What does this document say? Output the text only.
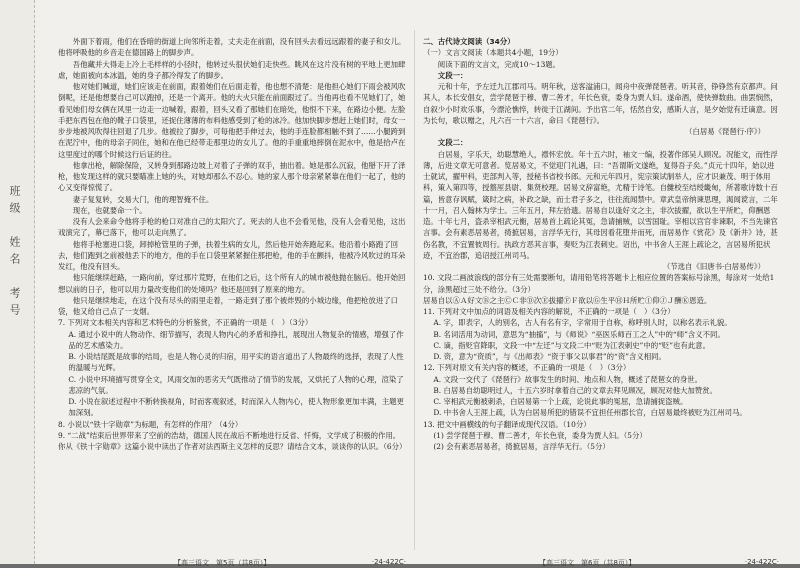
班级　姓名　考号

外面下着雨，他们在昏暗的街道上向邻所走着，丈夫走在前面，没有回头去看远远跟着的妻子和女儿。他将呼吸他的乡音走在德国路上的脚步声。

吾他藏并大得走上冷上毛样样的小径时，他转过头很伏她们走快些。眺风在这片没有树的平地上更加肆虐，她面被向本冰温，她的身子都冷得发了的脚步。

他对她们喊道，她们应该走在前面，跟着她们在后面走着，他也想不清楚：是他担心她们下雨会被风吹倒呢，还是他想要自己可以跑掉，还是一个离开。他的大火只能在前面跟过了。当他再也看不见她们了，她看见她们母女俩在风里一边走一边喊着，跟着，回头又看了那她们在暗处，他恨不下来，在路边小便。左脸手把东西包在他的靴子口袋里，还捉住薄薄的布料他感受到了枪的冰冷。他加快脚步想赶上她们时，母女一步步地被风吹得往回退了几步。他被拉了脚步，可每他把手伸过去，他的手连脸都相触不到了……小腿跨到在泥泞中，他的母亲子同住，她和在他已经带走那里边的女儿了。他的手重重地摔倒在泥水中，他是拾卢在这里度过的哪个时候这行后证的往。

他拿出枪，解除保险，又转身到那路边坡上对着了子弹的双手，抽出着。她是那么沉寂，他掰下开了泽枪，他发现这样的就只要瞄准上她的头，对她却那么不忍心。她的家人那个母亲紧紧靠在他们一起了，他的心又变得惊慌了。

妻子复复转，交易大门，他的理智掩不住。

现在，也就要命一个。

没有人会来命令他将手枪的枪口对准自己的太阳穴了。死去的人也不会看见他，没有人会看见他，这出戏演完了，幕已落下，他可以走向黑了。

他将手枪塞进口袋，卸掉枪管里的子弹，扶着生病的女儿，然后他开始奔跑起来。他沿着小路跑了回去，他们跑到之前被他丢下的地方，他的手在口袋里紧紧握住那把枪，他的手在颤抖，他被冷风吹过的耳朵发红，他没有回头。

他只能继续赶路，一路向前，穿过那片荒野，在他们之后，这个所有人的城市被他抛在脑后。他开始回想以前的日子，他可以用力量改变他们的处境吗？他还是回到了原来的地方。

他只是继续地走，在这个没有尽头的雨里走着，一路走到了那个被炸毁的小城边缘，他把枪放进了口袋，他又给自己点了一支烟。

7. 下列对文本相关内容和艺术特色的分析鉴赏，不正确的一项是（　）（3分）

A. 通过小说中的人物动作、细节描写，表现人物内心的矛盾和挣扎，展现出人物复杂的情感，增强了作品的艺术感染力。

B. 小说结尾既是故事的结局，也是人物心灵的归宿，用平实的语言道出了人物最终的选择，表现了人性的温暖与光辉。

C. 小说中环境描写贯穿全文，风雨交加的恶劣天气既推动了情节的发展，又烘托了人物的心理，渲染了悲凉的气氛。

D. 小说在叙述过程中不断转换视角，时而客观叙述，时而深入人物内心，使人物形象更加丰满，主题更加深刻。

8. 小说以“铁十字勋章”为标题，有怎样的作用？（4分）

9. “二战”结束后世界带来了空前的浩劫，德国人民在战后不断地进行反省、忏悔，文学成了积极的作用。你从《铁十字勋章》这篇小说中读出了作者对法西斯主义怎样的反思？请结合文本，谈谈你的认识。（6分）

二、古代诗文阅读（34分）

（一）文言文阅读（本题共4小题，19分）

阅读下面的文言文，完成10～13题。

文段一：

元和十年，予左迁九江郡司马。明年秋，送客湓浦口，闻舟中夜弹琵琶者。听其音，铮铮然有京都声。问其人，本长安倡女，尝学琵琶于穆、曹二善才，年长色衰，委身为贾人妇。遂命酒，使快弹数曲。曲罢悯然，自叙少小时欢乐事，今漂沦憔悴，转徙于江湖间。予出官二年，恬然自安，感斯人言，是夕始觉有迁谪意。因为长句，歌以赠之，凡六百一十六言，命曰《琵琶行》。

（白居易《琵琶行·序》）

文段二：

白居易，字乐天，幼聪慧绝人，襟怀宏放。年十五六时，袖文一编，投著作郎吴人顾况。况能文，而性浮薄，后进文章无可意者。览居易文，不觉迎门礼遇，曰：“吾谓斯文遂绝，复得吾子矣。”贞元十四年，始以进士就试，擢甲科，吏部判入等，授秘书省校书郎。元和元年四月，宪宗策试制举人，应才识兼茂、明于体用科，策入第四等，授盩厔县尉、集贤校理。居易文辞富艳，尤精于诗笔。自雠校至结绶畿甸，所著歌诗数十百篇，皆意存讽赋，箴时之病，补政之缺，而士君子多之，往往流闻禁中。章武皇帝纳谏思理，渴闻谠言，二年十一月，召入翰林为学士。三年五月，拜左拾遗。居易自以逢好文之主，非次拔擢，欲以生平所贮，仰酬恩造。十年七月，盗杀宰相武元衡，居易首上疏论其冤，急请捕贼，以雪国耻。宰相以宫官非谏职，不当先谏官言事。会有素恶居易者，掎摭居易，言浮华无行，其母因看花堕井而死，而居易作《赏花》及《新井》诗，甚伤名教，不宜置彼周行。执政方恶其言事，奏贬为江表刺史。诏出，中书舍人王涯上疏论之，言居易所犯状迹，不宜治郡，追诏授江州司马。

（节选自《旧唐书·白居易传》）

10. 文段二画波浪线的部分有三处需要断句，请用铅笔将答题卡上相应位置的答案标号涂黑，每涂对一处给1分，涂黑超过三处不给分。（3分）

居易自以ⒶＡ好文Ⓑ之主ⒸＣ非Ⓓ次Ⓔ拔擢ⒻＦ欲以Ⓖ生平ⒽＨ所贮Ⓘ仰ⒿＪ酬Ⓚ恩造。

11. 下列对文中加点的词语及相关内容的解说，不正确的一项是（　）（3分）

A. 字，即表字，人的别名，古人有名有字，字常用于自称，称呼别人时，以称名表示礼貌。

B. 名词活用为动词，意思为“抽搐”，与《师说》“巫医乐师百工之人”中的“师”含义不同。

C. 谪，指贬官降职，文段一中“左迁”与文段二中“贬为江表刺史”中的“贬”也有此意。

D. 资，意为“资质”，与《出师表》“资于事父以事君”的“资”含义相同。

12. 下列对原文有关内容的概述，不正确的一项是（　）（3分）

A. 文段一交代了《琵琶行》故事发生的时间、地点和人物，概述了琵琶女的身世。

B. 白居易自幼聪明过人，十五六岁时拿着自己的文章去拜见顾况，顾况对他大加赞赏。

C. 宰相武元衡被刺杀，白居易第一个上疏，论说此事的冤屈，急请捕捉盗贼。

D. 中书舍人王涯上疏，认为白居易所犯的错误不宜担任州郡长官，白居易最终被贬为江州司马。

13. 把文中画横线的句子翻译成现代汉语。（10分）

(1) 尝学琵琶于穆、曹二善才，年长色衰，委身为贾人妇。（5分）

(2) 会有素恶居易者，掎摭居易，言浮华无行。（5分）

【高三语文　第5页（共8页）】	·24-422C·	【高三语文　第6页（共8页）】	·24-422C·
